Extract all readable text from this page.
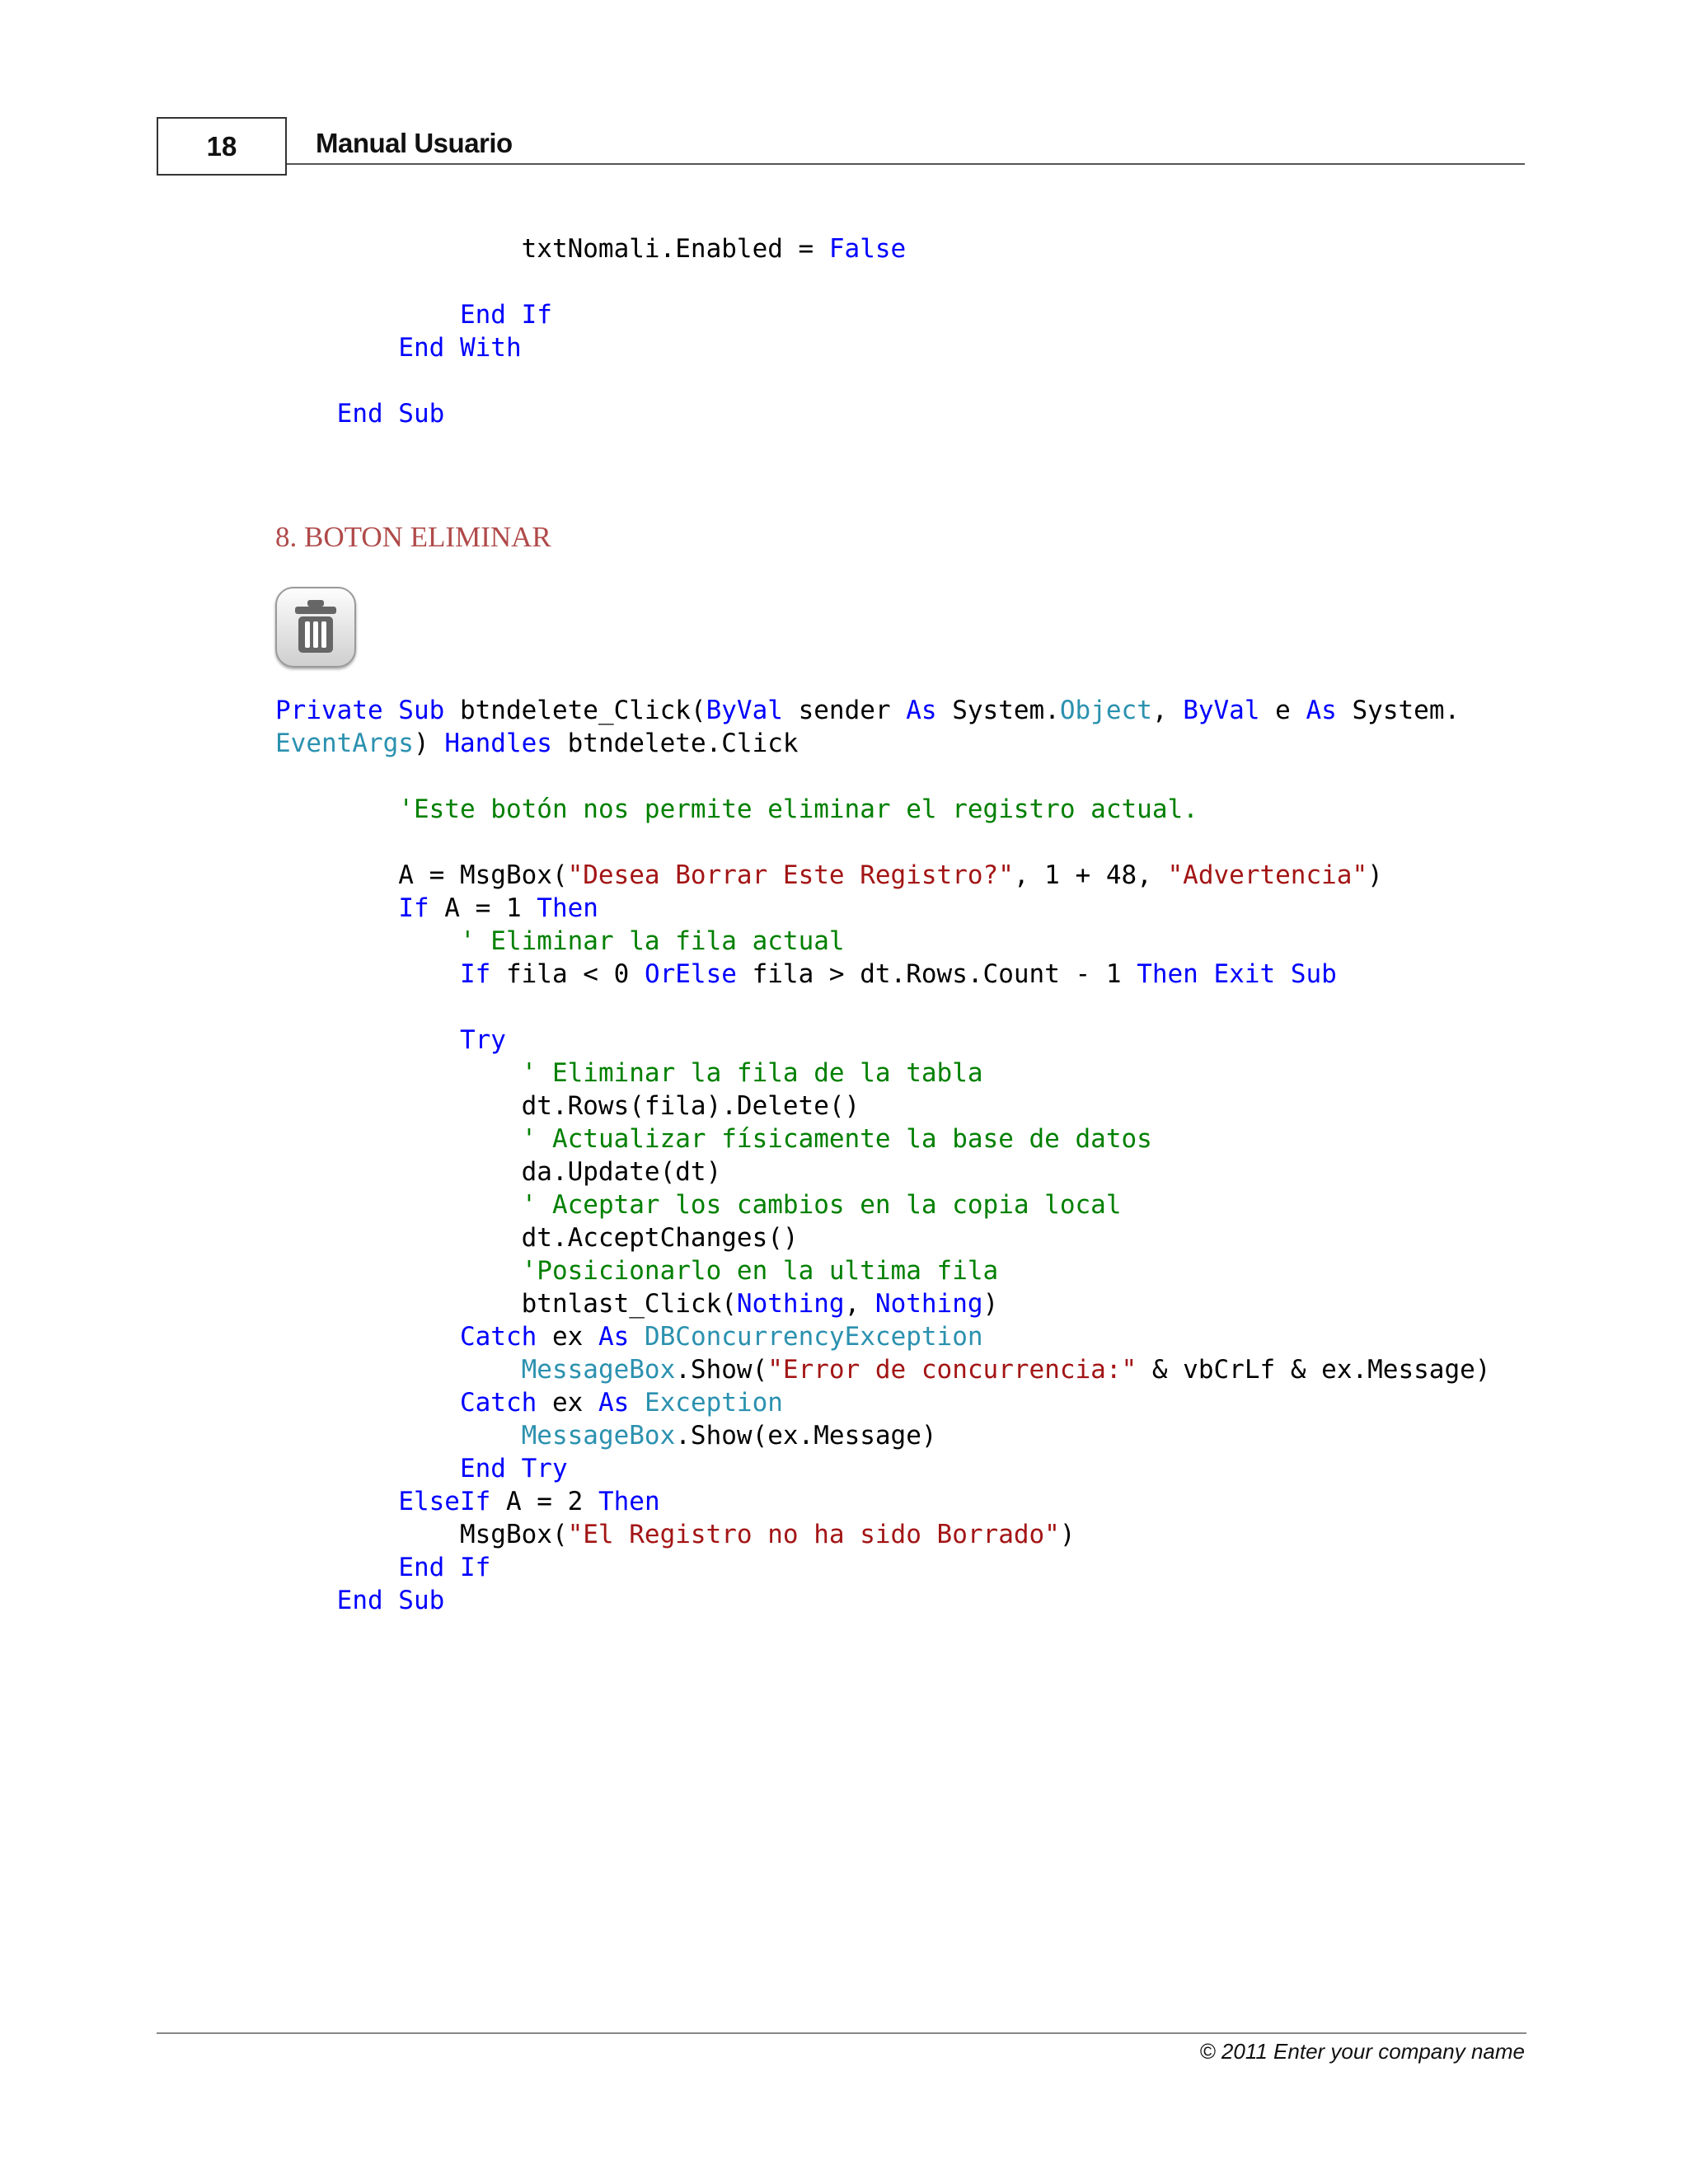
18	Manual Usuario
txtNomali.Enabled = False
End If
End With
End Sub
8. BOTON ELIMINAR
Private Sub btndelete_Click(ByVal sender As System.Object, ByVal e As System.
EventArgs) Handles btndelete.Click
'Este botón nos permite eliminar el registro actual.
A = MsgBox("Desea Borrar Este Registro?", 1 + 48, "Advertencia")
If A = 1 Then
' Eliminar la fila actual
If fila < 0 OrElse fila > dt.Rows.Count - 1 Then Exit Sub
Try
' Eliminar la fila de la tabla
dt.Rows(fila).Delete()
' Actualizar físicamente la base de datos
da.Update(dt)
' Aceptar los cambios en la copia local
dt.AcceptChanges()
'Posicionarlo en la ultima fila
btnlast_Click(Nothing, Nothing)
Catch ex As DBConcurrencyException
MessageBox.Show("Error de concurrencia:" & vbCrLf & ex.Message)
Catch ex As Exception
MessageBox.Show(ex.Message)
End Try
ElseIf A = 2 Then
MsgBox("El Registro no ha sido Borrado")
End If
End Sub
© 2011 Enter your company name
